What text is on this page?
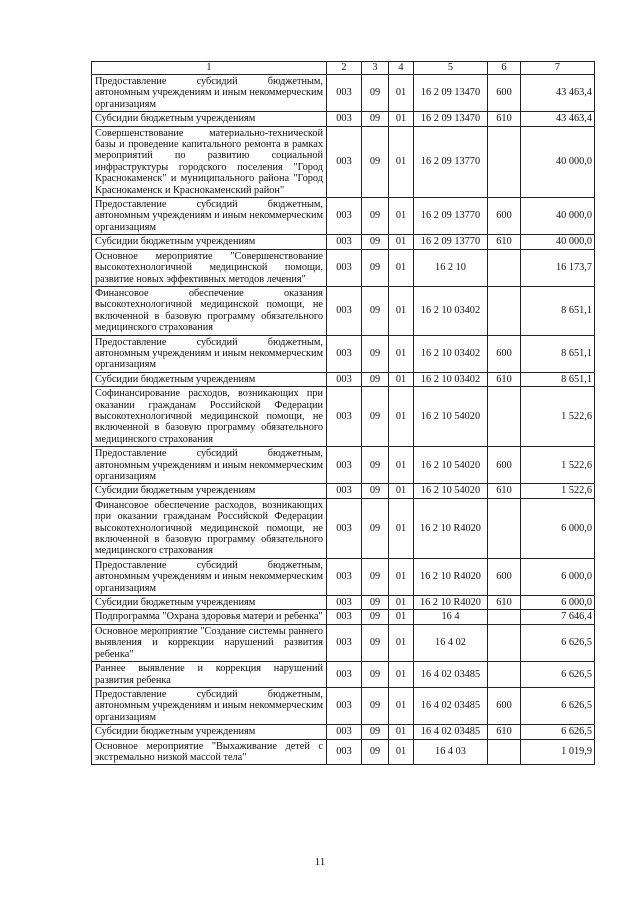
1	2	3	4	5	6	7
Предоставление субсидий бюджетным, автономным учреждениям и иным некоммерческим организациям	003	09	01	16 2 09 13470	600	43 463,4
Субсидии бюджетным учреждениям	003	09	01	16 2 09 13470	610	43 463,4
Совершенствование материально-технической базы и проведение капитального ремонта в рамках мероприятий по развитию социальной инфраструктуры городского поселения "Город Краснокаменск" и муниципального района "Город Краснокаменск и Краснокаменский район"	003	09	01	16 2 09 13770		40 000,0
Предоставление субсидий бюджетным, автономным учреждениям и иным некоммерческим организациям	003	09	01	16 2 09 13770	600	40 000,0
Субсидии бюджетным учреждениям	003	09	01	16 2 09 13770	610	40 000,0
Основное мероприятие "Совершенствование высокотехнологичной медицинской помощи, развитие новых эффективных методов лечения"	003	09	01	16 2 10		16 173,7
Финансовое обеспечение оказания высокотехнологичной медицинской помощи, не включенной в базовую программу обязательного медицинского страхования	003	09	01	16 2 10 03402		8 651,1
Предоставление субсидий бюджетным, автономным учреждениям и иным некоммерческим организациям	003	09	01	16 2 10 03402	600	8 651,1
Субсидии бюджетным учреждениям	003	09	01	16 2 10 03402	610	8 651,1
Софинансирование расходов, возникающих при оказании гражданам Российской Федерации высокотехнологичной медицинской помощи, не включенной в базовую программу обязательного медицинского страхования	003	09	01	16 2 10 54020		1 522,6
Предоставление субсидий бюджетным, автономным учреждениям и иным некоммерческим организациям	003	09	01	16 2 10 54020	600	1 522,6
Субсидии бюджетным учреждениям	003	09	01	16 2 10 54020	610	1 522,6
Финансовое обеспечение расходов, возникающих при оказании гражданам Российской Федерации высокотехнологичной медицинской помощи, не включенной в базовую программу обязательного медицинского страхования	003	09	01	16 2 10 R4020		6 000,0
Предоставление субсидий бюджетным, автономным учреждениям и иным некоммерческим организациям	003	09	01	16 2 10 R4020	600	6 000,0
Субсидии бюджетным учреждениям	003	09	01	16 2 10 R4020	610	6 000,0
Подпрограмма "Охрана здоровья матери и ребенка"	003	09	01	16 4		7 646,4
Основное мероприятие "Создание системы раннего выявления и коррекции нарушений развития ребенка"	003	09	01	16 4 02		6 626,5
Раннее выявление и коррекция нарушений развития ребенка	003	09	01	16 4 02 03485		6 626,5
Предоставление субсидий бюджетным, автономным учреждениям и иным некоммерческим организациям	003	09	01	16 4 02 03485	600	6 626,5
Субсидии бюджетным учреждениям	003	09	01	16 4 02 03485	610	6 626,5
Основное мероприятие "Выхаживание детей с экстремально низкой массой тела"	003	09	01	16 4 03		1 019,9
11
